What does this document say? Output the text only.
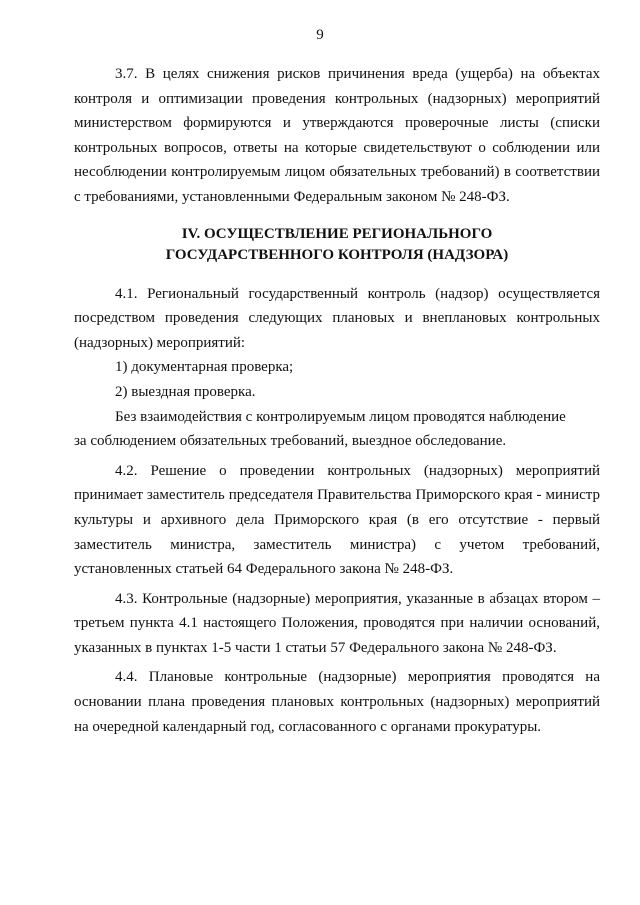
9

3.7. В целях снижения рисков причинения вреда (ущерба) на объектах контроля и оптимизации проведения контрольных (надзорных) мероприятий министерством формируются и утверждаются проверочные листы (списки контрольных вопросов, ответы на которые свидетельствуют о соблюдении или несоблюдении контролируемым лицом обязательных требований) в соответствии с требованиями, установленными Федеральным законом № 248-ФЗ.

IV. ОСУЩЕСТВЛЕНИЕ РЕГИОНАЛЬНОГО
ГОСУДАРСТВЕННОГО КОНТРОЛЯ (НАДЗОРА)

4.1. Региональный государственный контроль (надзор) осуществляется посредством проведения следующих плановых и внеплановых контрольных (надзорных) мероприятий:

1) документарная проверка;

2) выездная проверка.

Без взаимодействия с контролируемым лицом проводятся наблюдение

за соблюдением обязательных требований, выездное обследование.

4.2. Решение о проведении контрольных (надзорных) мероприятий принимает заместитель председателя Правительства Приморского края - министр культуры и архивного дела Приморского края (в его отсутствие - первый заместитель министра, заместитель министра) с учетом требований, установленных статьей 64 Федерального закона № 248-ФЗ.

4.3. Контрольные (надзорные) мероприятия, указанные в абзацах втором – третьем пункта 4.1 настоящего Положения, проводятся при наличии оснований, указанных в пунктах 1-5 части 1 статьи 57 Федерального закона № 248-ФЗ.

4.4. Плановые контрольные (надзорные) мероприятия проводятся на основании плана проведения плановых контрольных (надзорных) мероприятий на очередной календарный год, согласованного с органами прокуратуры.
